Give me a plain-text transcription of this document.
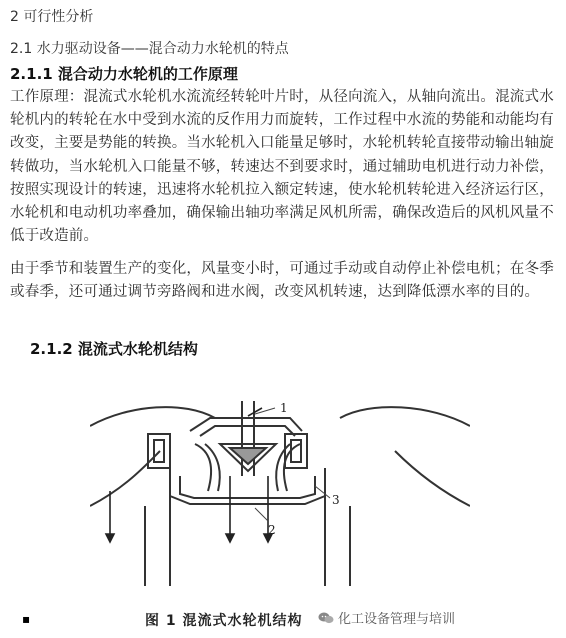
2 可行性分析
2.1 水力驱动设备——混合动力水轮机的特点
2.1.1 混合动力水轮机的工作原理

工作原理：混流式水轮机水流流经转轮叶片时，从径向流入，从轴向流出。混流式水轮机内的转轮在水中受到水流的反作用力而旋转，工作过程中水流的势能和动能均有改变，主要是势能的转换。当水轮机入口能量足够时，水轮机转轮直接带动输出轴旋转做功，当水轮机入口能量不够，转速达不到要求时，通过辅助电机进行动力补偿，按照实现设计的转速，迅速将水轮机拉入额定转速，使水轮机转轮进入经济运行区，水轮机和电动机功率叠加，确保输出轴功率满足风机所需，确保改造后的风机风量不低于改造前。

由于季节和装置生产的变化，风量变小时，可通过手动或自动停止补偿电机；在冬季或春季，还可通过调节旁路阀和进水阀，改变风机转速，达到降低漂水率的目的。

2.1.2 混流式水轮机结构
1
2
3
▪	图 1 混流式水轮机结构	化工设备管理与培训
